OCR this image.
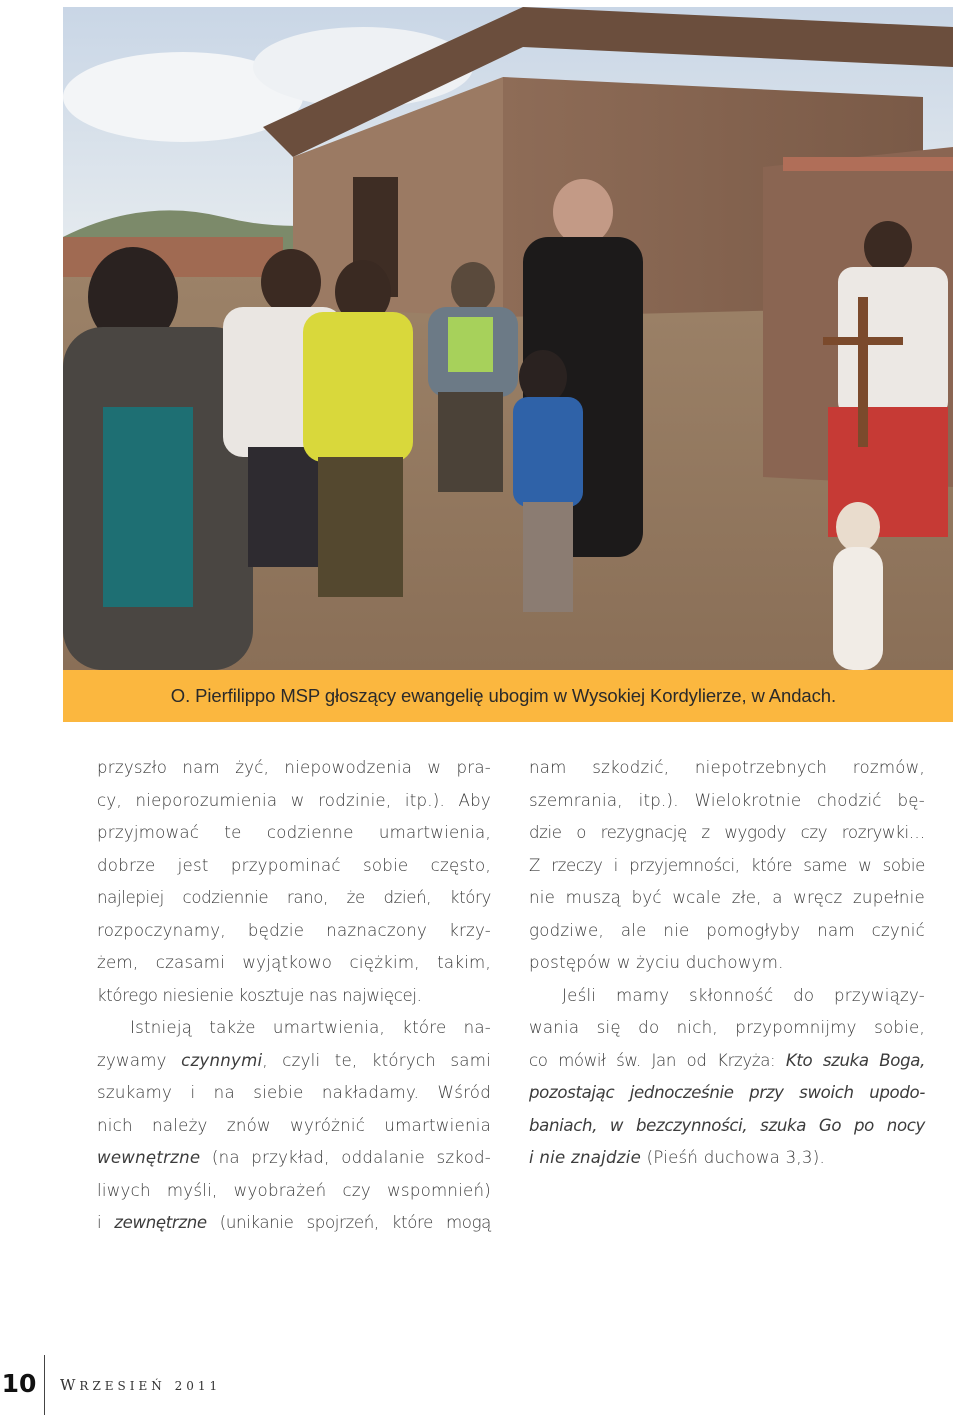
O. Pierfilippo MSP głoszący ewangelię ubogim w Wysokiej Kordylierze, w Andach.
przyszło nam żyć, niepowodzenia w pra-
cy, nieporozumienia w rodzinie, itp.). Aby
przyjmować te codzienne umartwienia,
dobrze jest przypominać sobie często,
najlepiej codziennie rano, że dzień, który
rozpoczynamy, będzie naznaczony krzy-
żem, czasami wyjątkowo ciężkim, takim,
którego niesienie kosztuje nas najwięcej.
Istnieją także umartwienia, które na-
zywamy czynnymi, czyli te, których sami
szukamy i na siebie nakładamy. Wśród
nich należy znów wyróżnić umartwienia
wewnętrzne (na przykład, oddalanie szkod-
liwych myśli, wyobrażeń czy wspomnień)
i zewnętrzne (unikanie spojrzeń, które mogą
nam szkodzić, niepotrzebnych rozmów,
szemrania, itp.). Wielokrotnie chodzić bę-
dzie o rezygnację z wygody czy rozrywki…
Z rzeczy i przyjemności, które same w sobie
nie muszą być wcale złe, a wręcz zupełnie
godziwe, ale nie pomogłyby nam czynić
postępów w życiu duchowym.
Jeśli mamy skłonność do przywiązy-
wania się do nich, przypomnijmy sobie,
co mówił św. Jan od Krzyża: Kto szuka Boga,
pozostając jednocześnie przy swoich upodo-
baniach, w bezczynności, szuka Go po nocy
i nie znajdzie (Pieśń duchowa 3,3).
10 WRZESIEŃ 2011
